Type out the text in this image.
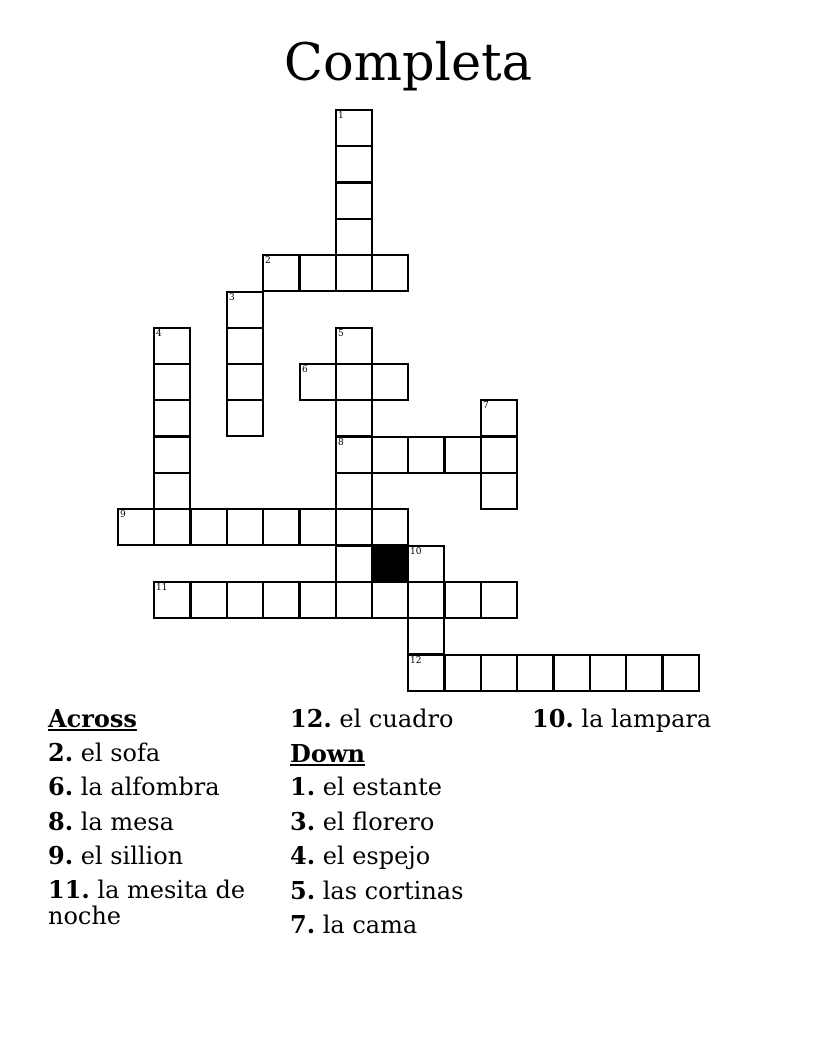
Completa
1
2
3
4	5
6
7
8
9
10
12
11
Across
2. el sofa
6. la alfombra
8. la mesa
9. el sillion
11. la mesita de noche
12. el cuadro
Down
1. el estante
3. el florero
4. el espejo
5. las cortinas
7. la cama
10. la lampara
